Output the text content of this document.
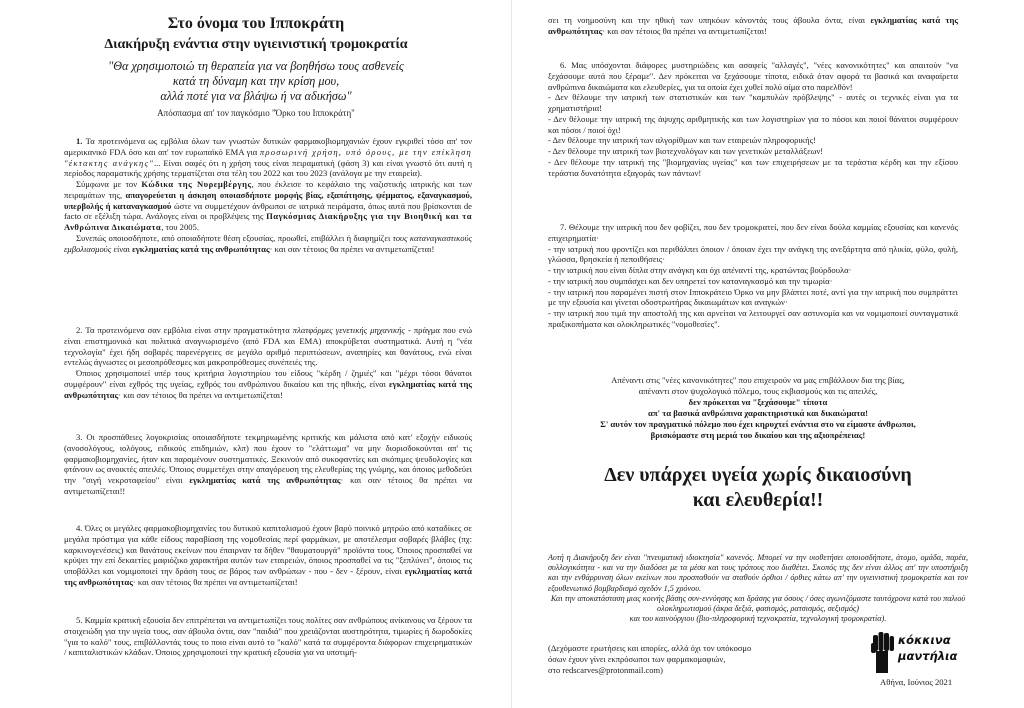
Στο όνομα του Ιπποκράτη
Διακήρυξη ενάντια στην υγιεινιστική τρομοκρατία
"Θα χρησιμοποιώ τη θεραπεία για να βοηθήσω τους ασθενείς
κατά τη δύναμη και την κρίση μου,
αλλά ποτέ για να βλάψω ή να αδικήσω"
Απόσπασμα απ' τον παγκόσμιο "Όρκο του Ιπποκράτη"

1. Τα προτεινόμενα ως εμβόλια όλων των γνωστών δυτικών φαρμακοβιομηχανιών έχουν εγκριθεί τόσο απ' τον αμερικανικό FDA όσο και απ' τον ευρωπαϊκό ΕΜΑ για προσωρινή χρήση, υπό όρους, με την επίκληση "έκτακτης ανάγκης"... Είναι σαφές ότι η χρήση τους είναι πειραματική (φάση 3) και είναι γνωστό ότι αυτή η περίοδος παραματικής χρήσης τερματίζεται στα τέλη του 2022 και του 2023 (ανάλογα με την εταιρεία).

Σύμφωνα με τον Κώδικα της Νυρεμβέργης, που έκλεισε το κεφάλαιο της ναζιστικής ιατρικής και των πειραμάτων της, απαγορεύεται η άσκηση οποιασδήποτε μορφής βίας, εξαπάτησης, ψέμματος, εξαναγκασμού, υπερβολής ή καταναγκασμού ώστε να συμμετέχουν άνθρωποι σε ιατρικά πειράματα, όπως αυτά που βρίσκονται de facto σε εξέλιξη τώρα. Ανάλογες είναι οι προβλέψεις της Παγκόσμιας Διακήρυξης για την Βιοηθική και τα Ανθρώπινα Δικαιώματα, του 2005.

Συνεπώς οποιοσδήποτε, από οποιαδήποτε θέση εξουσίας, προωθεί, επιβάλλει ή διαφημίζει τους καταναγκαστικούς εμβολιασμούς είναι εγκληματίας κατά της ανθρωπότητας· και σαν τέτοιος θα πρέπει να αντιμετωπίζεται!

2. Τα προτεινόμενα σαν εμβόλια είναι στην πραγματικότητα πλατφόρμες γενετικής μηχανικής - πράγμα που ενώ είναι επιστημονικά και πολιτικά αναγνωρισμένο (από FDA και ΕΜΑ) αποκρύβεται συστηματικά. Αυτή η "νέα τεχνολογία" έχει ήδη σοβαρές παρενέργειες σε μεγάλο αριθμό περιπτώσεων, αναπηρίες και θανάτους, ενώ είναι εντελώς άγνωστες οι μεσοπρόθεσμες και μακροπρόθεσμες συνέπειές της.

Όποιος χρησιμοποιεί υπέρ τους κριτήρια λογιστηρίου του είδους "κέρδη / ζημιές" και "μέχρι τόσοι θάνατοι συμφέρουν" είναι εχθρός της υγείας, εχθρός του ανθρώπινου δικαίου και της ηθικής, είναι εγκληματίας κατά της ανθρωπότητας· και σαν τέτοιος θα πρέπει να αντιμετωπίζεται!

3. Οι προσπάθειες λογοκρισίας οποιασδήποτε τεκμηριωμένης κριτικής και μάλιστα από κατ' εξοχήν ειδικούς (ανοσολόγους, ιολόγους, ειδικούς επιδημιών, κλπ) που έχουν το "ελάττωμα" να μην διορισδοκούνται απ' τις φαρμακοβιομηχανίες, ήταν και παραμένουν συστηματικές. Ξεκινούν από συκοφαντίες και σκόπιμες ψευδολογίες και φτάνουν ως ανοικτές απειλές. Όποιος συμμετέχει στην απαγόρευση της ελευθερίας της γνώμης, και όποιος μεθοδεύει την "σιγή νεκροταφείου" είναι εγκληματίας κατά της ανθρωπότητας· και σαν τέτοιος θα πρέπει να αντιμετωπίζεται!!

4. Όλες οι μεγάλες φαρμακοβιομηχανίες του δυτικού καπιταλισμού έχουν βαρύ ποινικό μητρώο από καταδίκες σε μεγάλα πρόστιμα για κάθε είδους παραβίαση της νομοθεσίας περί φαρμάκων, με αποτέλεσμα σοβαρές βλάβες (πχ: καρκινογενέσεις) και θανάτους εκείνων που έπαιρναν τα δήθεν "θαυματουργά" προϊόντα τους. Όποιος προσπαθεί να κρύψει την επί δεκαετίες μαφιόζικο χαρακτήρα αυτών των εταιρειών, όποιος προσπαθεί να τις "ξεπλύνει", όποιος τις υποβάλλει και νομιμοποιεί την δράση τους σε βάρος των ανθρώπων - που - δεν - ξέρουν, είναι εγκληματίας κατά της ανθρωπότητας· και σαν τέτοιος θα πρέπει να αντιμετωπίζεται!

5. Καμμία κρατική εξουσία δεν επιτρέπεται να αντιμετωπίζει τους πολίτες σαν ανθρώπους ανίκανους να ξέρουν τα στοιχειώδη για την υγεία τους, σαν άβουλα όντα, σαν "παιδιά" που χρειάζονται αυστηρότητα, τιμωρίες ή δωροδοκίες "για το καλό" τους, επιβάλλοντάς τους το ποιο είναι αυτό το "καλό" κατά τα συμφέροντα διάφορων επιχειρηματικών / καπιταλιστικών κλάδων. Όποιος χρησιμοποιεί την κρατική εξουσία για να υποτιμή-

σει τη νοημοσύνη και την ηθική των υπηκόων κάνοντάς τους άβουλα όντα, είναι εγκληματίας κατά της ανθρωπότητας· και σαν τέτοιος θα πρέπει να αντιμετωπίζεται!

6. Μας υπόσχονται διάφορες μυστηριώδεις και ασαφείς "αλλαγές", "νέες κανονικότητες" και απαιτούν "να ξεχάσουμε αυτά που ξέραμε". Δεν πρόκειται να ξεχάσουμε τίποτα, ειδικά όταν αφορά τα βασικά και αναφαίρετα ανθρώπινα δικαιώματα και ελευθερίες, για τα οποία έχει χυθεί πολύ αίμα στο παρελθόν!

- Δεν θέλουμε την ιατρική των στατιστικών και των "καμπυλών πρόβλεψης" - αυτές οι τεχνικές είναι για τα χρηματιστήρια!

- Δεν θέλουμε την ιατρική της άψυχης αριθμητικής και των λογιστηρίων για το πόσοι και ποιοί θάνατοι συμφέρουν και πόσοι / ποιοί όχι!

- Δεν θέλουμε την ιατρική των αλγορίθμων και των εταιρειών πληροφορικής!

- Δεν θέλουμε την ιατρική των βιοτεχνολόγων και των γενετικών μεταλλάξεων!

- Δεν θέλουμε την ιατρική της "βιομηχανίας υγείας" και των επιχειρήσεων με τα τεράστια κέρδη και την εξίσου τεράστια δυνατότητα εξαγοράς των πάντων!

7. Θέλουμε την ιατρική που δεν φοβίζει, που δεν τρομοκρατεί, που δεν είναι δούλα καμμίας εξουσίας και κανενός επιχειρηματία·

- την ιατρική που φροντίζει και περιθάλπει όποιον / όποιαν έχει την ανάγκη της ανεξάρτητα από ηλικία, φύλο, φυλή, γλώσσα, θρησκεία ή πεποιθήσεις·

- την ιατρική που είναι δίπλα στην ανάγκη και όχι απέναντί της, κρατώντας βούρδουλα·

- την ιατρική που συμπάσχει και δεν υπηρετεί τον καταναγκασμό και την τιμωρία·

- την ιατρική που παραμένει πιστή στον Ιπποκράτειο Όρκο να μην βλάπτει ποτέ, αντί για την ιατρική που συμπράττει με την εξουσία και γίνεται οδοστρωτήρας δικαιωμάτων και αναγκών·

- την ιατρική που τιμά την αποστολή της και αρνείται να λειτουργεί σαν αστυνομία και να νομιμοποιεί συνταγματικά πραξικοπήματα και ολοκληρωτικές "νομοθεσίες".

Απέναντι στις "νέες κανονικότητες" που επιχειρούν να μας επιβάλλουν δια της βίας,

απέναντι στον ψυχολογικό πόλεμο, τους εκβιασμούς και τις απειλές,

δεν πρόκειται να "ξεχάσουμε" τίποτα

απ' τα βασικά ανθρώπινα χαρακτηριστικά και δικαιώματα!

Σ' αυτόν τον πραγματικό πόλεμο που έχει κηρυχτεί ενάντια στο να είμαστε άνθρωποι,

βρισκόμαστε στη μεριά του δικαίου και της αξιοπρέπειας!

Δεν υπάρχει υγεία χωρίς δικαιοσύνη
και ελευθερία!!

Αυτή η Διακήρυξη δεν είναι "πνευματική ιδιοκτησία" κανενός. Μπορεί να την υιοθετήσει οποιοσδήποτε, άτομο, ομάδα, παρέα, συλλογικότητα - και να την διαδόσει με τα μέσα και τους τρόπους που διαθέτει. Σκοπός της δεν είναι άλλος απ' την υποστήριξη και την ενθάρρυνση όλων εκείνων που προσπαθούν να σταθούν όρθιοι / όρθιες κάτω απ' την υγιεινιστική τρομοκρατία και τον εξουθενωτικό βομβαρδισμό σχεδόν 1,5 χρόνου.

Και την αποκατάσταση μιας κοινής βάσης συν-εννόησης και δράσης για όσους / όσες αγωνιζόμαστε ταυτόχρονα κατά του παλιού ολοκληρωτισμού (άκρα δεξιά, φασισμός, ρατσισμός, σεξισμός)

και του καινούργιου (βιο-πληροφορική τεχνοκρατία, τεχνολογική τρομοκρατία).

(Δεχόμαστε ερωτήσεις και απορίες, αλλά όχι τον υπόκοσμο

όσων έχουν γίνει εκπρόσωποι των φαρμακομαφιών,

στο redscarves@protonmail.com)

κόκκινα
μαντήλια
Αθήνα, Ιούνιος 2021
